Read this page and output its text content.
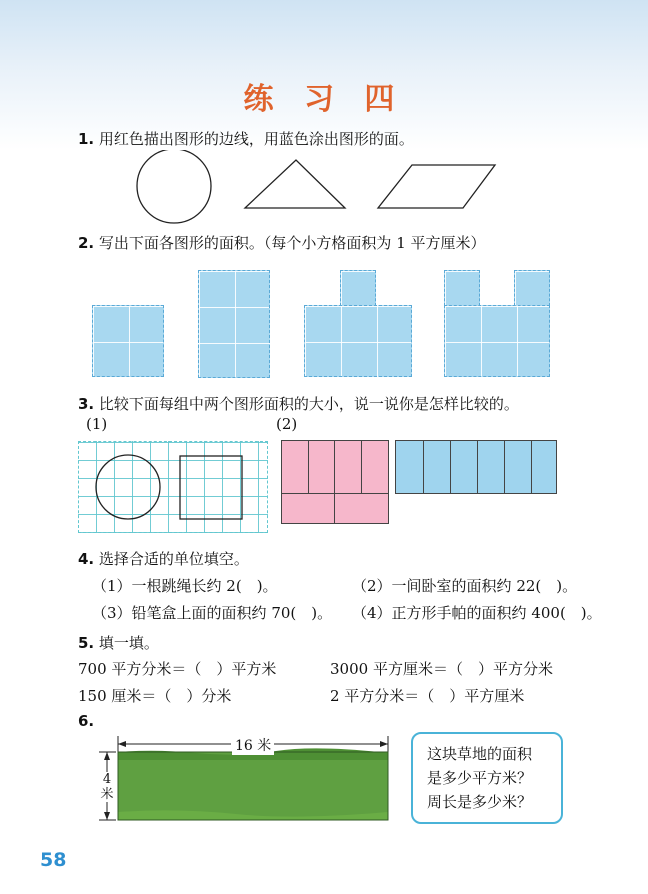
练 习 四
1. 用红色描出图形的边线，用蓝色涂出图形的面。
2. 写出下面各图形的面积。（每个小方格面积为 1 平方厘米）
3. 比较下面每组中两个图形面积的大小，说一说你是怎样比较的。
(1)	(2)
4. 选择合适的单位填空。
（1）一根跳绳长约 2(　)。	（2）一间卧室的面积约 22(　)。
（3）铅笔盒上面的面积约 70(　)。 （4）正方形手帕的面积约 400(　)。
5. 填一填。
700 平方分米＝（　）平方米	3000 平方厘米＝（　）平方分米
150 厘米＝（　）分米	2 平方分米＝（　）平方厘米
6.
16 米
4米
这块草地的面积
是多少平方米？
周长是多少米？
58
